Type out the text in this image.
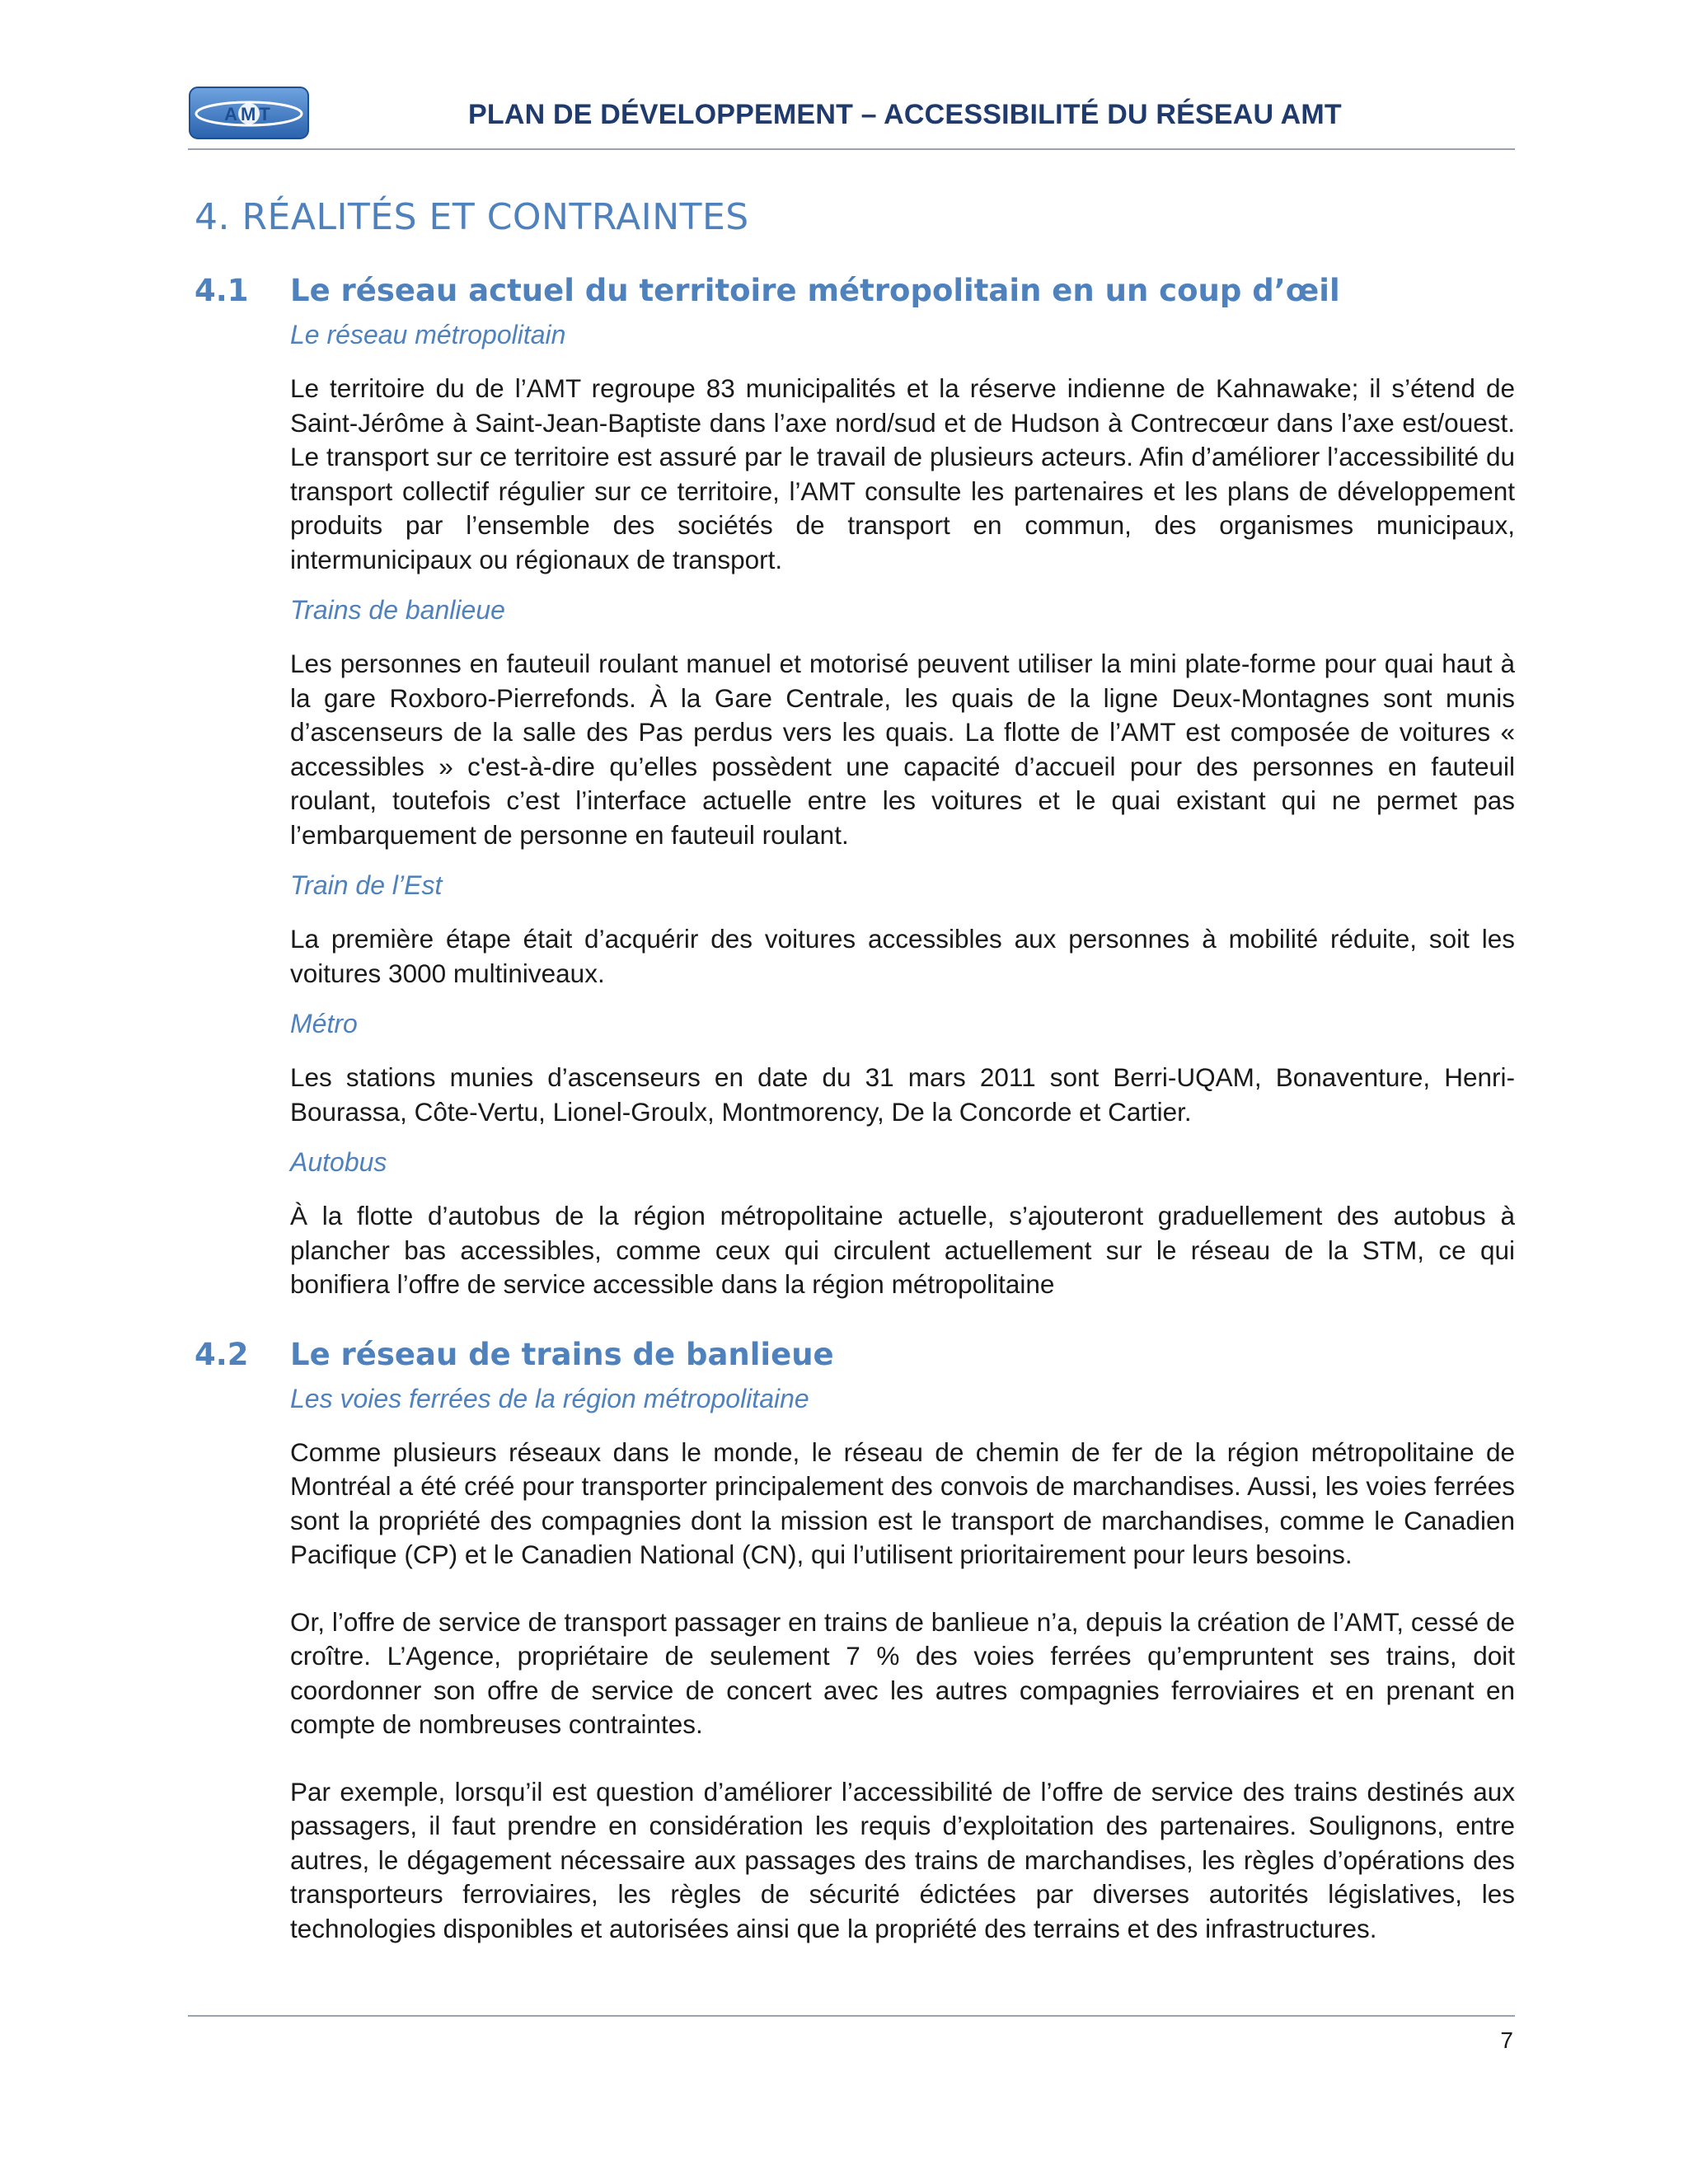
AMT	PLAN DE DÉVELOPPEMENT – ACCESSIBILITÉ DU RÉSEAU AMT
4. RÉALITÉS ET CONTRAINTES
4.1	Le réseau actuel du territoire métropolitain en un coup d’œil
Le réseau métropolitain

Le territoire du de l’AMT regroupe 83 municipalités et la réserve indienne de Kahnawake; il s’étend de Saint-Jérôme à Saint-Jean-Baptiste dans l’axe nord/sud et de Hudson à Contrecœur dans l’axe est/ouest. Le transport sur ce territoire est assuré par le travail de plusieurs acteurs. Afin d’améliorer l’accessibilité du transport collectif régulier sur ce territoire, l’AMT consulte les partenaires et les plans de développement produits par l’ensemble des sociétés de transport en commun, des organismes municipaux, intermunicipaux ou régionaux de transport.

Trains de banlieue

Les personnes en fauteuil roulant manuel et motorisé peuvent utiliser la mini plate-forme pour quai haut à la gare Roxboro-Pierrefonds. À la Gare Centrale, les quais de la ligne Deux-Montagnes sont munis d’ascenseurs de la salle des Pas perdus vers les quais. La flotte de l’AMT est composée de voitures « accessibles » c'est-à-dire qu’elles possèdent une capacité d’accueil pour des personnes en fauteuil roulant, toutefois c’est l’interface actuelle entre les voitures et le quai existant qui ne permet pas l’embarquement de personne en fauteuil roulant.

Train de l’Est

La première étape était d’acquérir des voitures accessibles aux personnes à mobilité réduite, soit les voitures 3000 multiniveaux.

Métro

Les stations munies d’ascenseurs en date du 31 mars 2011 sont Berri-UQAM, Bonaventure, Henri-Bourassa, Côte-Vertu, Lionel-Groulx, Montmorency, De la Concorde et Cartier.

Autobus

À la flotte d’autobus de la région métropolitaine actuelle, s’ajouteront graduellement des autobus à plancher bas accessibles, comme ceux qui circulent actuellement sur le réseau de la STM, ce qui bonifiera l’offre de service accessible dans la région métropolitaine

4.2	Le réseau de trains de banlieue
Les voies ferrées de la région métropolitaine

Comme plusieurs réseaux dans le monde, le réseau de chemin de fer de la région métropolitaine de Montréal a été créé pour transporter principalement des convois de marchandises. Aussi, les voies ferrées sont la propriété des compagnies dont la mission est le transport de marchandises, comme le Canadien Pacifique (CP) et le Canadien National (CN), qui l’utilisent prioritairement pour leurs besoins.

Or, l’offre de service de transport passager en trains de banlieue n’a, depuis la création de l’AMT, cessé de croître. L’Agence, propriétaire de seulement 7 % des voies ferrées qu’empruntent ses trains, doit coordonner son offre de service de concert avec les autres compagnies ferroviaires et en prenant en compte de nombreuses contraintes.

Par exemple, lorsqu’il est question d’améliorer l’accessibilité de l’offre de service des trains destinés aux passagers, il faut prendre en considération les requis d’exploitation des partenaires. Soulignons, entre autres, le dégagement nécessaire aux passages des trains de marchandises, les règles d’opérations des transporteurs ferroviaires, les règles de sécurité édictées par diverses autorités législatives, les technologies disponibles et autorisées ainsi que la propriété des terrains et des infrastructures.

7
